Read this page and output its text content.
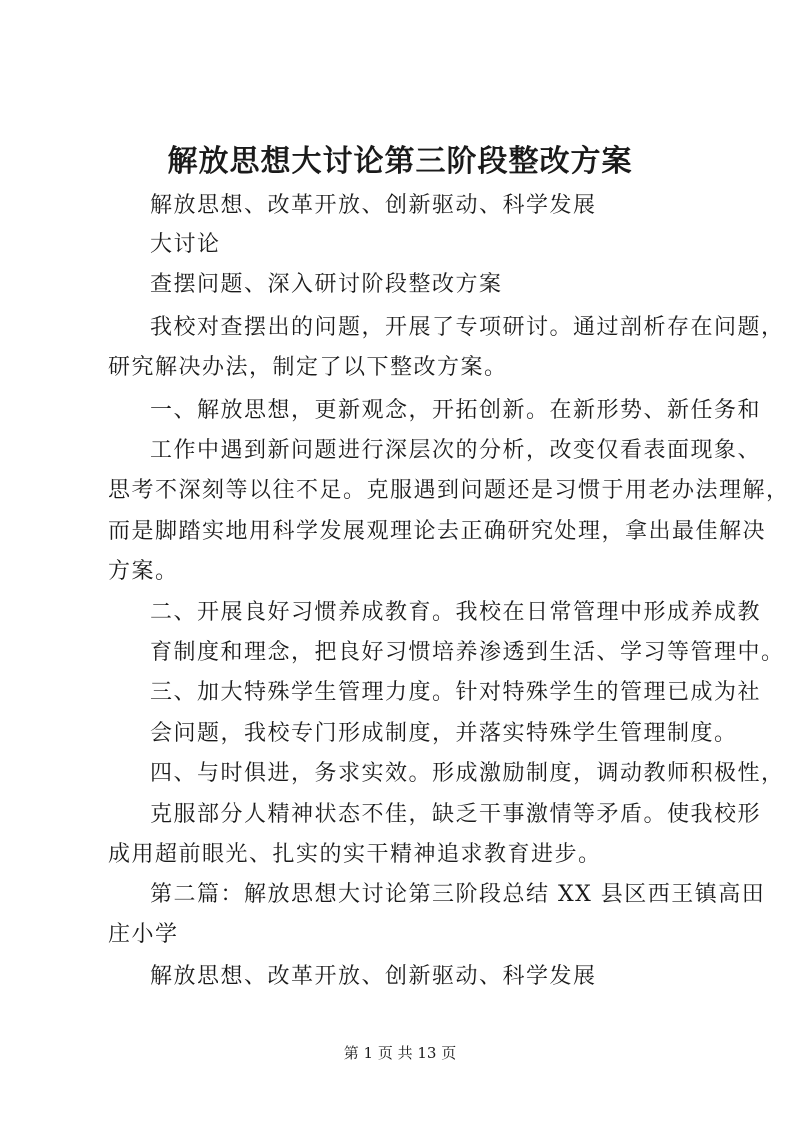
解放思想大讨论第三阶段整改方案
解放思想、改革开放、创新驱动、科学发展
大讨论
查摆问题、深入研讨阶段整改方案
我校对查摆出的问题，开展了专项研讨。通过剖析存在问题，
研究解决办法，制定了以下整改方案。
一、解放思想，更新观念，开拓创新。在新形势、新任务和
工作中遇到新问题进行深层次的分析，改变仅看表面现象、
思考不深刻等以往不足。克服遇到问题还是习惯于用老办法理解，
而是脚踏实地用科学发展观理论去正确研究处理，拿出最佳解决
方案。
二、开展良好习惯养成教育。我校在日常管理中形成养成教
育制度和理念，把良好习惯培养渗透到生活、学习等管理中。
三、加大特殊学生管理力度。针对特殊学生的管理已成为社
会问题，我校专门形成制度，并落实特殊学生管理制度。
四、与时俱进，务求实效。形成激励制度，调动教师积极性，
克服部分人精神状态不佳，缺乏干事激情等矛盾。使我校形
成用超前眼光、扎实的实干精神追求教育进步。
第二篇：解放思想大讨论第三阶段总结 XX 县区西王镇高田
庄小学
解放思想、改革开放、创新驱动、科学发展
第 1 页 共 13 页
